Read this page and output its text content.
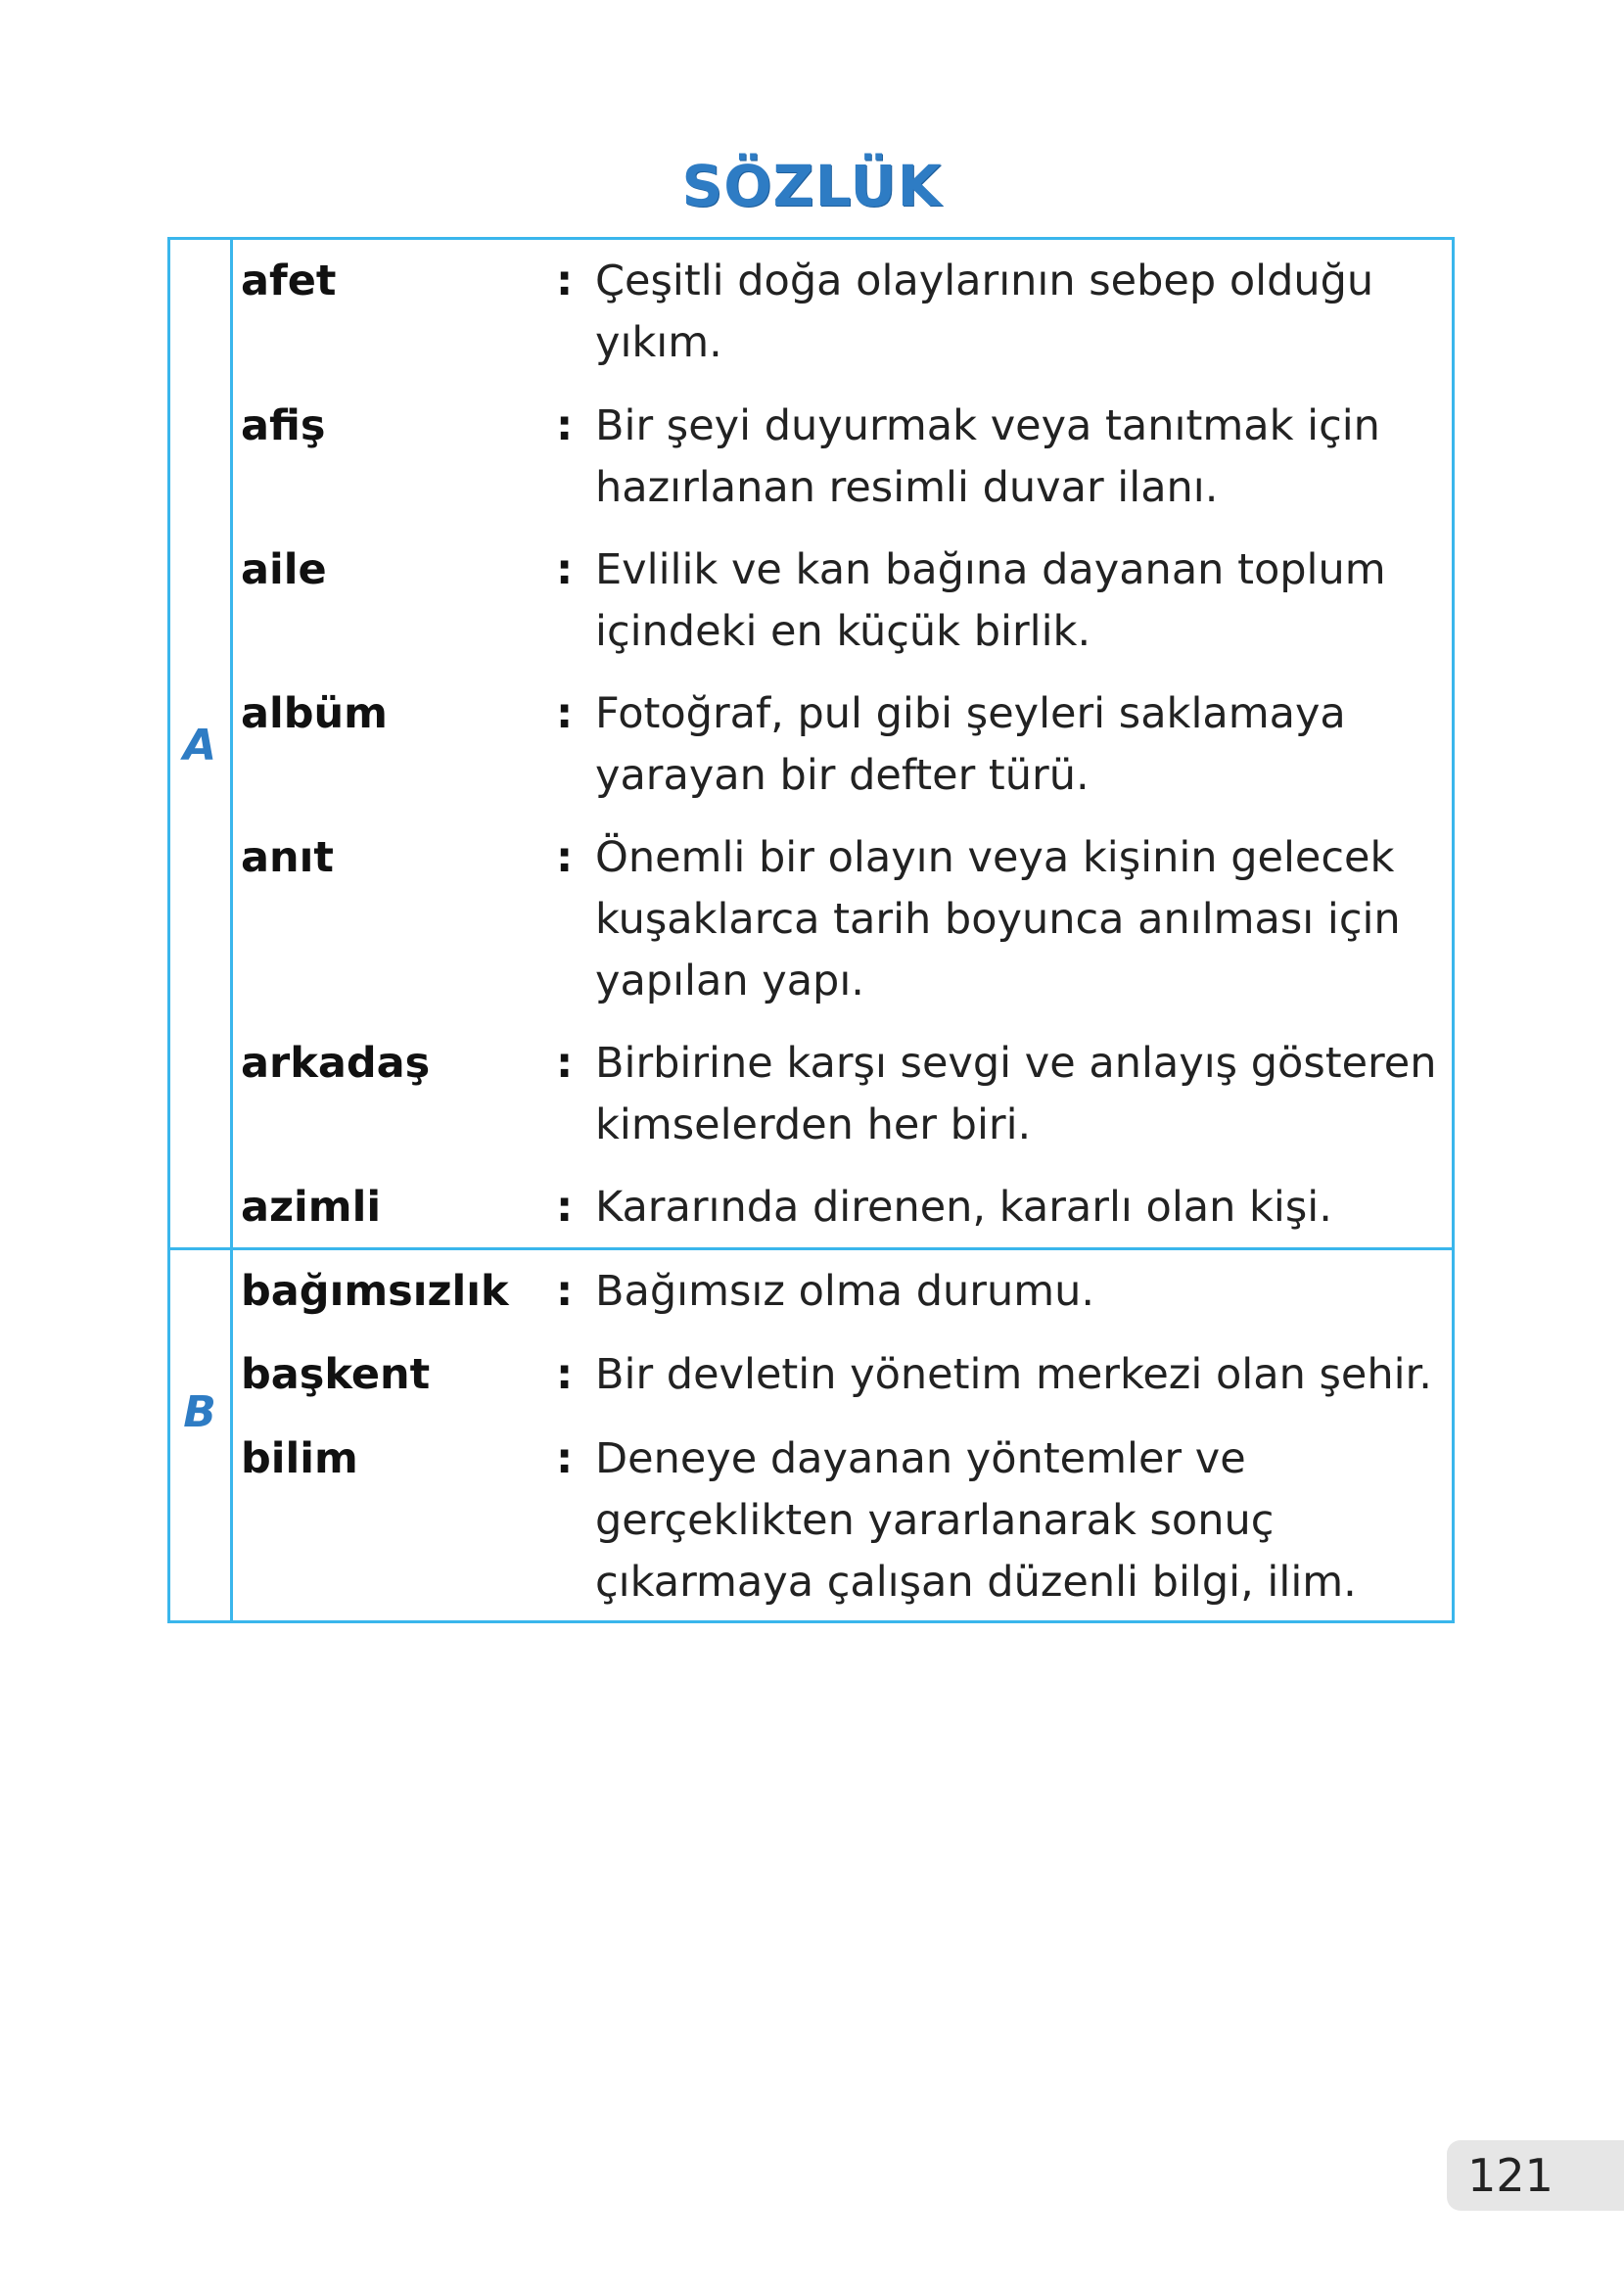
SÖZLÜK
A
B
afet	: Çeşitli doğa olaylarının sebep olduğu yıkım.
afiş	: Bir şeyi duyurmak veya tanıtmak için hazırlanan resimli duvar ilanı.
aile	: Evlilik ve kan bağına dayanan toplum içindeki en küçük birlik.
albüm	: Fotoğraf, pul gibi şeyleri saklamaya yarayan bir defter türü.
anıt	: Önemli bir olayın veya kişinin gelecek kuşaklarca tarih boyunca anılması için yapılan yapı.
arkadaş	: Birbirine karşı sevgi ve anlayış gösteren kimselerden her biri.
azimli	: Kararında direnen, kararlı olan kişi.
bağımsızlık	: Bağımsız olma durumu.
başkent	: Bir devletin yönetim merkezi olan şehir.
bilim	: Deneye dayanan yöntemler ve gerçeklikten yararlanarak sonuç çıkarmaya çalışan düzenli bilgi, ilim.
121
